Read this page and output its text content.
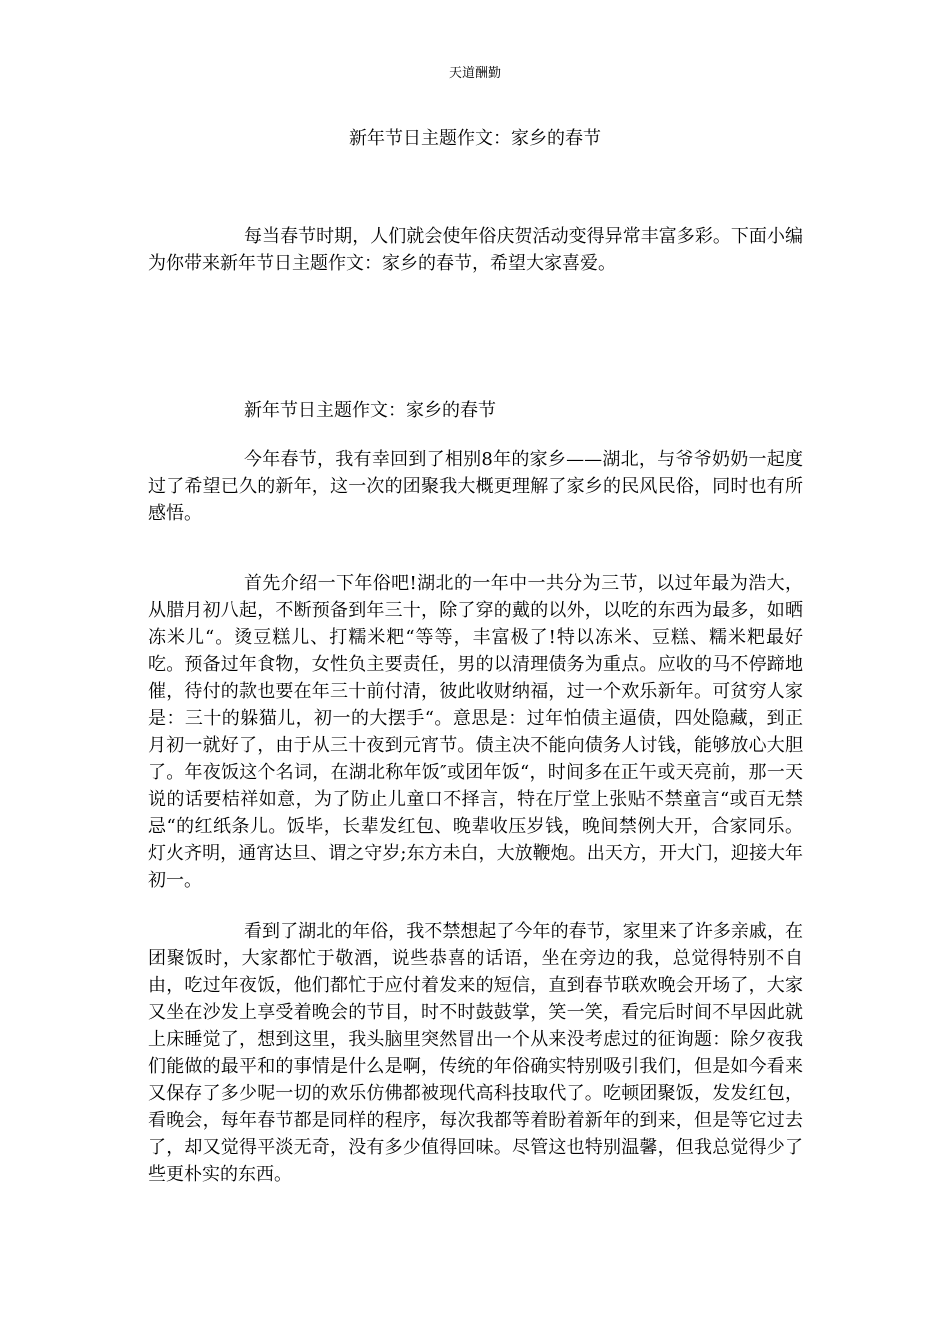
天道酬勤
新年节日主题作文：家乡的春节

每当春节时期，人们就会使年俗庆贺活动变得异常丰富多彩。下面小编为你带来新年节日主题作文：家乡的春节，希望大家喜爱。

新年节日主题作文：家乡的春节

今年春节，我有幸回到了相别8年的家乡——湖北，与爷爷奶奶一起度过了希望已久的新年，这一次的团聚我大概更理解了家乡的民风民俗，同时也有所感悟。

首先介绍一下年俗吧!湖北的一年中一共分为三节，以过年最为浩大，从腊月初八起，不断预备到年三十，除了穿的戴的以外，以吃的东西为最多，如晒冻米儿“。烫豆糕儿、打糯米粑“等等，丰富极了!特以冻米、豆糕、糯米粑最好吃。预备过年食物，女性负主要责任，男的以清理债务为重点。应收的马不停蹄地催，待付的款也要在年三十前付清，彼此收财纳福，过一个欢乐新年。可贫穷人家是：三十的躲猫儿，初一的大摆手“。意思是：过年怕债主逼债，四处隐藏，到正月初一就好了，由于从三十夜到元宵节。债主决不能向债务人讨钱，能够放心大胆了。年夜饭这个名词，在湖北称年饭″或团年饭“，时间多在正午或天亮前，那一天说的话要桔祥如意，为了防止儿童口不择言，特在厅堂上张贴不禁童言“或百无禁忌“的红纸条儿。饭毕，长辈发红包、晚辈收压岁钱，晚间禁例大开，合家同乐。灯火齐明，通宵达旦、谓之守岁;东方未白，大放鞭炮。出天方，开大门，迎接大年初一。

看到了湖北的年俗，我不禁想起了今年的春节，家里来了许多亲戚，在团聚饭时，大家都忙于敬酒，说些恭喜的话语，坐在旁边的我，总觉得特别不自由，吃过年夜饭，他们都忙于应付着发来的短信，直到春节联欢晚会开场了，大家又坐在沙发上享受着晚会的节目，时不时鼓鼓掌，笑一笑，看完后时间不早因此就上床睡觉了，想到这里，我头脑里突然冒出一个从来没考虑过的征询题：除夕夜我们能做的最平和的事情是什么是啊，传统的年俗确实特别吸引我们，但是如今看来又保存了多少呢一切的欢乐仿佛都被现代高科技取代了。吃顿团聚饭，发发红包，看晚会，每年春节都是同样的程序，每次我都等着盼着新年的到来，但是等它过去了，却又觉得平淡无奇，没有多少值得回味。尽管这也特别温馨，但我总觉得少了些更朴实的东西。
